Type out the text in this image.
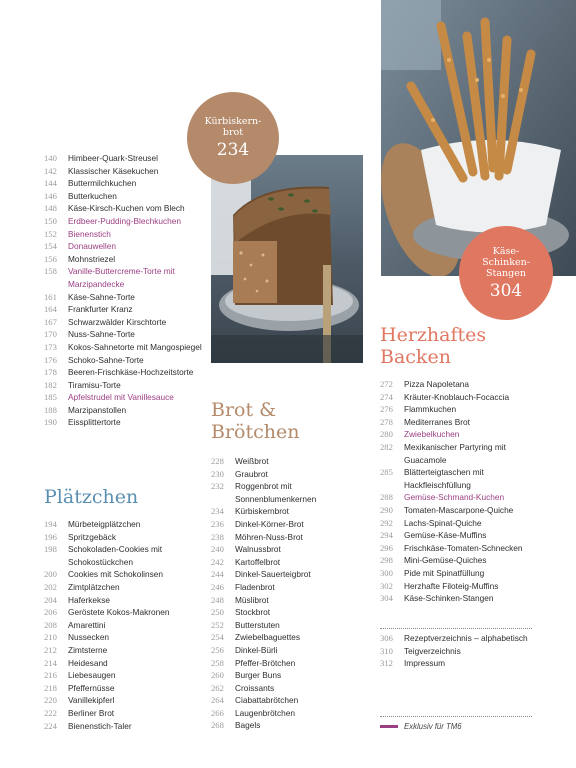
Kürbiskern-brot
234
Käse-Schinken-Stangen
304
140	Himbeer-Quark-Streusel
142	Klassischer Käsekuchen
144	Buttermilchkuchen
146	Butterkuchen
148	Käse-Kirsch-Kuchen vom Blech
150	Erdbeer-Pudding-Blechkuchen
152	Bienenstich
154	Donauwellen
156	Mohnstriezel
158	Vanille-Buttercreme-Torte mit Marzipandecke
161	Käse-Sahne-Torte
164	Frankfurter Kranz
167	Schwarzwälder Kirschtorte
170	Nuss-Sahne-Torte
173	Kokos-Sahnetorte mit Mangospiegel
176	Schoko-Sahne-Torte
178	Beeren-Frischkäse-Hochzeitstorte
182	Tiramisu-Torte
185	Apfelstrudel mit Vanillesauce
188	Marzipanstollen
190	Eissplittertorte
Plätzchen
194	Mürbeteigplätzchen
196	Spritzgebäck
198	Schokoladen-Cookies mit Schokostückchen
200	Cookies mit Schokolinsen
202	Zimtplätzchen
204	Haferkekse
206	Geröstete Kokos-Makronen
208	Amarettini
210	Nussecken
212	Zimtsterne
214	Heidesand
216	Liebesaugen
218	Pfeffernüsse
220	Vanillekipferl
222	Berliner Brot
224	Bienenstich-Taler
Brot &
Brötchen
228	Weißbrot
230	Graubrot
232	Roggenbrot mit Sonnenblumenkernen
234	Kürbiskernbrot
236	Dinkel-Körner-Brot
238	Möhren-Nuss-Brot
240	Walnussbrot
242	Kartoffelbrot
244	Dinkel-Sauerteigbrot
246	Fladenbrot
248	Müslibrot
250	Stockbrot
252	Butterstuten
254	Zwiebelbaguettes
256	Dinkel-Bürli
258	Pfeffer-Brötchen
260	Burger Buns
262	Croissants
264	Ciabattabrötchen
266	Laugenbrötchen
268	Bagels
Herzhaftes
Backen
272	Pizza Napoletana
274	Kräuter-Knoblauch-Focaccia
276	Flammkuchen
278	Mediterranes Brot
280	Zwiebelkuchen
282	Mexikanischer Partyring mit Guacamole
285	Blätterteigtaschen mit Hackfleischfüllung
288	Gemüse-Schmand-Kuchen
290	Tomaten-Mascarpone-Quiche
292	Lachs-Spinat-Quiche
294	Gemüse-Käse-Muffins
296	Frischkäse-Tomaten-Schnecken
298	Mini-Gemüse-Quiches
300	Pide mit Spinatfüllung
302	Herzhafte Filoteig-Muffins
304	Käse-Schinken-Stangen
306	Rezeptverzeichnis – alphabetisch
310	Teigverzeichnis
312	Impressum
Exklusiv für TM6
